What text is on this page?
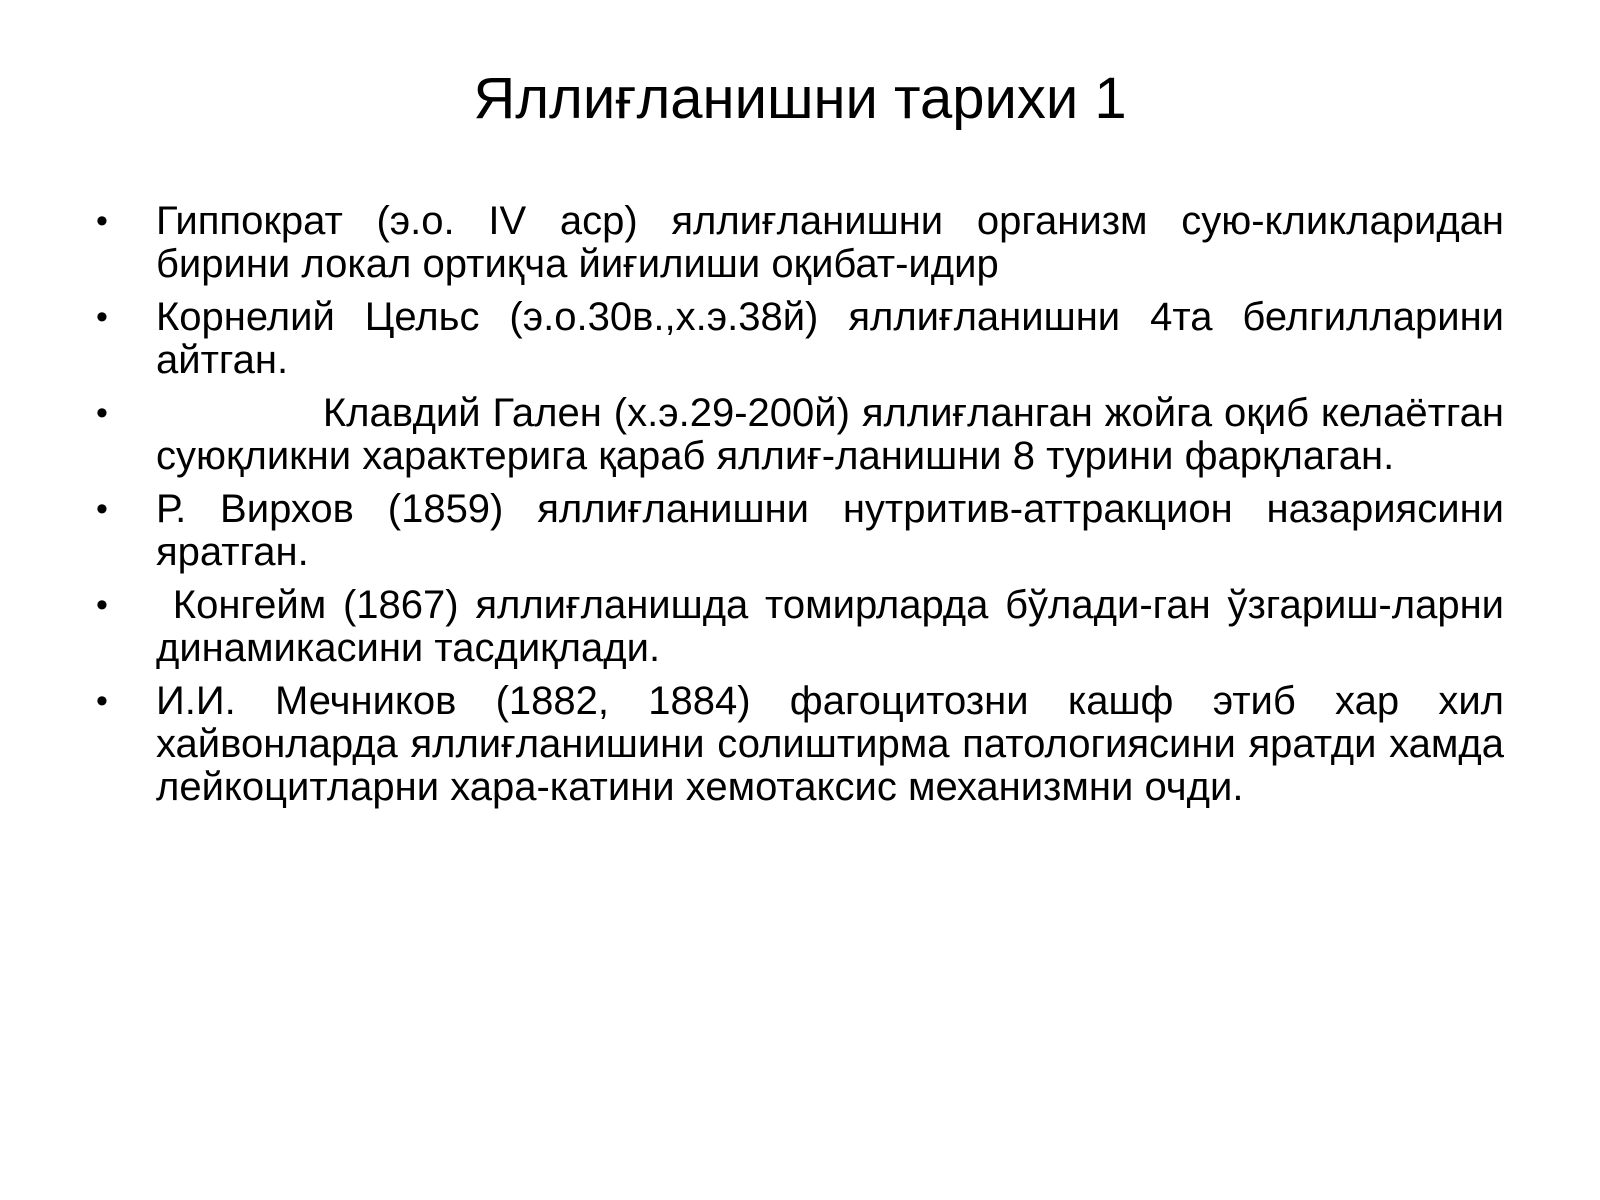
Яллиғланишни тарихи 1
• Гиппократ (э.о. IV аср) яллиғланишни организм сую-кликларидан бирини локал ортиқча йиғилиши оқибат-идир
• Корнелий Цельс (э.о.30в.,х.э.38й) яллиғланишни 4та белгилларини айтган.
• Клавдий Гален (х.э.29-200й) яллиғланган жойга оқиб келаётган суюқликни характерига қараб яллиғ-ланишни 8 турини фарқлаган.
• Р. Вирхов (1859) яллиғланишни нутритив-аттракцион назариясини яратган.
• Конгейм (1867) яллиғланишда томирларда бўлади-ган ўзгариш-ларни динамикасини тасдиқлади.
• И.И. Мечников (1882, 1884) фагоцитозни кашф этиб хар хил хайвонларда яллиғланишини солиштирма патологиясини яратди хамда лейкоцитларни хара-катини хемотаксис механизмни очди.
